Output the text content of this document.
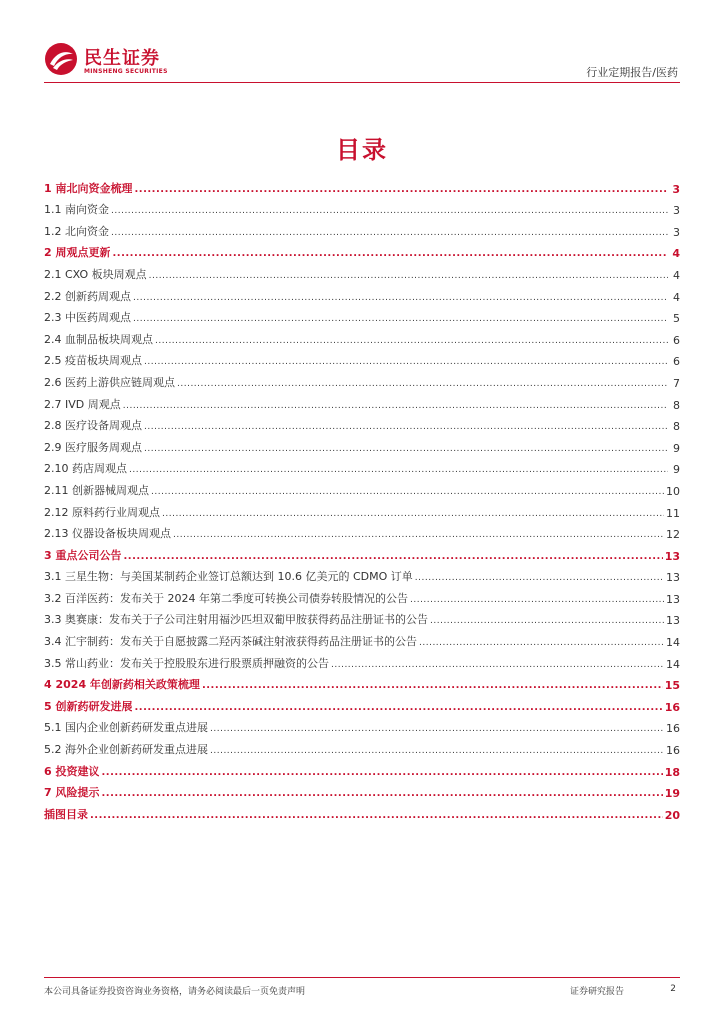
民生证券
MINSHENG SECURITIES	行业定期报告/医药
目录
1 南北向资金梳理 .....	3
1.1 南向资金 .....	3
1.2 北向资金 .....	3
2 周观点更新 .....	4
2.1 CXO 板块周观点 .....	4
2.2 创新药周观点 .....	4
2.3 中医药周观点 .....	5
2.4 血制品板块周观点 .....	6
2.5 疫苗板块周观点 .....	6
2.6 医药上游供应链周观点 .....	7
2.7 IVD 周观点 .....	8
2.8 医疗设备周观点 .....	8
2.9 医疗服务周观点 .....	9
2.10 药店周观点 .....	9
2.11 创新器械周观点 .....	10
2.12 原料药行业周观点 .....	11
2.13 仪器设备板块周观点 .....	12
3 重点公司公告 .....	13
3.1 三星生物：与美国某制药企业签订总额达到 10.6 亿美元的 CDMO 订单 .....	13
3.2 百洋医药：发布关于 2024 年第二季度可转换公司债券转股情况的公告 .....	13
3.3 奥赛康：发布关于子公司注射用福沙匹坦双葡甲胺获得药品注册证书的公告 .....	13
3.4 汇宇制药：发布关于自愿披露二羟丙茶碱注射液获得药品注册证书的公告 .....	14
3.5 常山药业：发布关于控股股东进行股票质押融资的公告 .....	14
4 2024 年创新药相关政策梳理 .....	15
5 创新药研发进展 .....	16
5.1 国内企业创新药研发重点进展 .....	16
5.2 海外企业创新药研发重点进展 .....	16
6 投资建议 .....	18
7 风险提示 .....	19
插图目录 .....	20
本公司具备证券投资咨询业务资格，请务必阅读最后一页免责声明	证券研究报告	2
